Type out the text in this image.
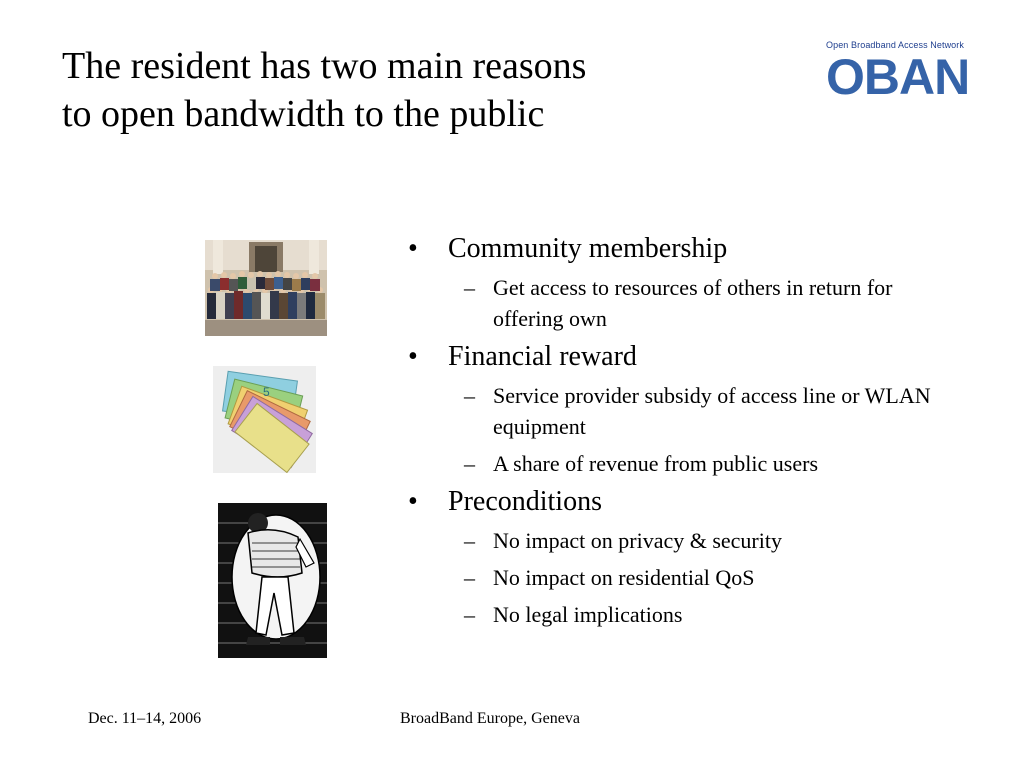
The resident has two main reasons
to open bandwidth to the public
Open Broadband Access Network
OBAN
5
• Community membership
– Get access to resources of others in return for offering own
• Financial reward
– Service provider subsidy of access line or WLAN equipment
– A share of revenue from public users
• Preconditions
– No impact on privacy & security
– No impact on residential QoS
– No legal implications
Dec. 11–14, 2006	BroadBand Europe, Geneva
